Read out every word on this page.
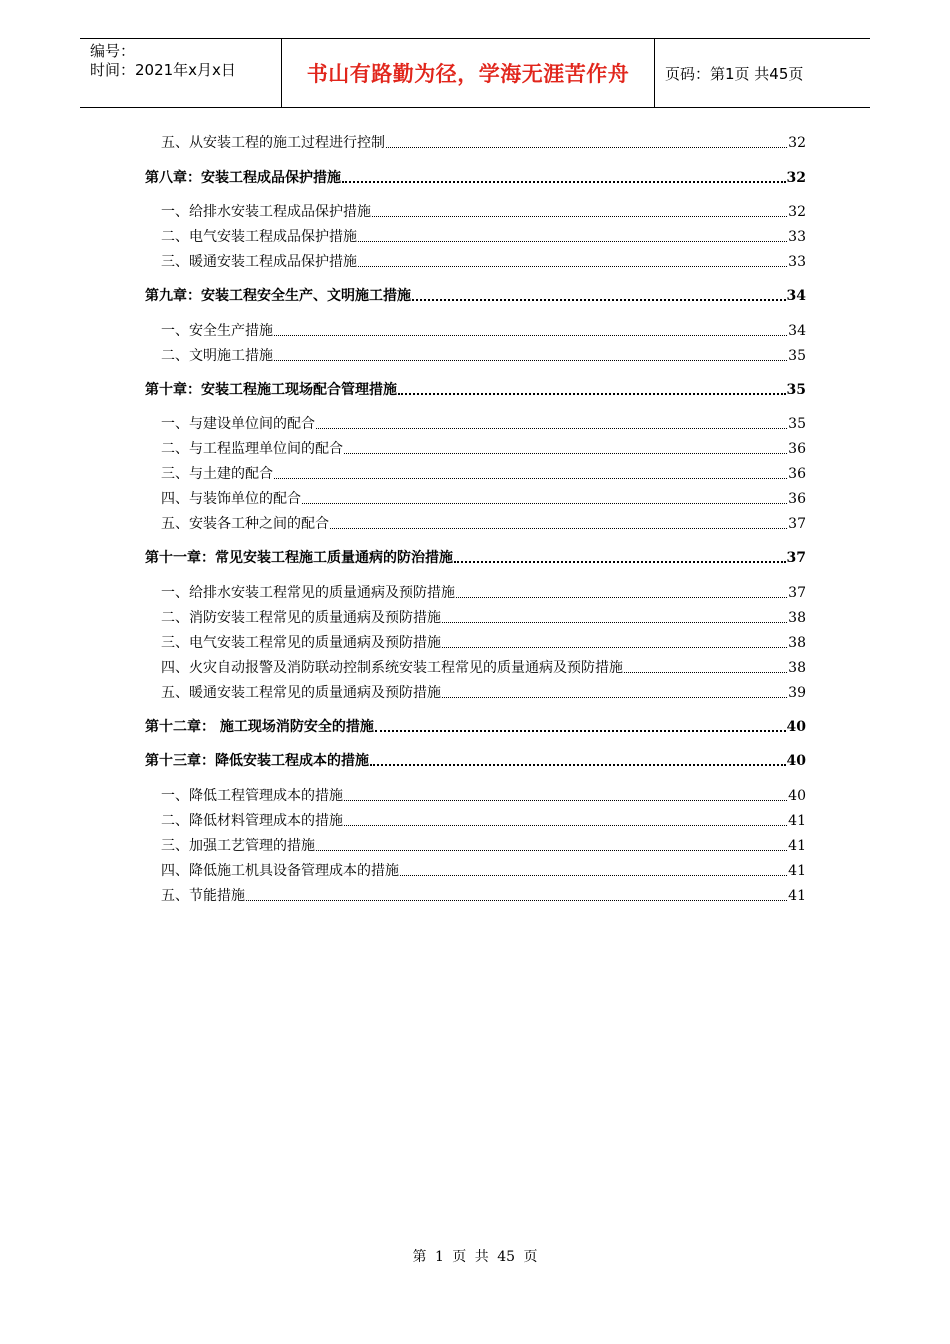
编号：
时间：2021年x月x日	书山有路勤为径，学海无涯苦作舟	页码：第1页 共45页
五、从安装工程的施工过程进行控制	32
第八章：安装工程成品保护措施	32
一、给排水安装工程成品保护措施	32
二、电气安装工程成品保护措施	33
三、暖通安装工程成品保护措施	33
第九章：安装工程安全生产、文明施工措施	34
一、安全生产措施	34
二、文明施工措施	35
第十章：安装工程施工现场配合管理措施	35
一、与建设单位间的配合	35
二、与工程监理单位间的配合	36
三、与土建的配合	36
四、与装饰单位的配合	36
五、安装各工种之间的配合	37
第十一章：常见安装工程施工质量通病的防治措施	37
一、给排水安装工程常见的质量通病及预防措施	37
二、消防安装工程常见的质量通病及预防措施	38
三、电气安装工程常见的质量通病及预防措施	38
四、火灾自动报警及消防联动控制系统安装工程常见的质量通病及预防措施	38
五、暖通安装工程常见的质量通病及预防措施	39
第十二章： 施工现场消防安全的措施	40
第十三章：降低安装工程成本的措施	40
一、降低工程管理成本的措施	40
二、降低材料管理成本的措施	41
三、加强工艺管理的措施	41
四、降低施工机具设备管理成本的措施	41
五、节能措施	41
第 1 页 共 45 页
